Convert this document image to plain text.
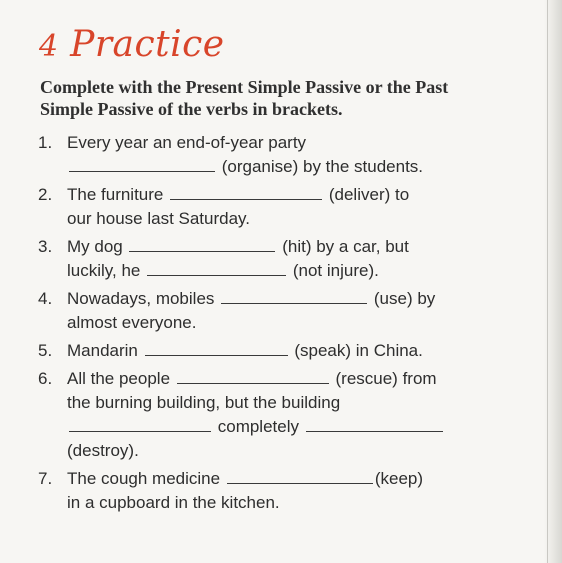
4 Practice
Complete with the Present Simple Passive or the Past Simple Passive of the verbs in brackets.
1. Every year an end-of-year party
(organise) by the students.
2. The furniture	(deliver) to
our house last Saturday.
3. My dog	(hit) by a car, but
luckily, he	(not injure).
4. Nowadays, mobiles	(use) by
almost everyone.
5. Mandarin	(speak) in China.
6. All the people	(rescue) from
the burning building, but the building
completely
(destroy).
7. The cough medicine	(keep)
in a cupboard in the kitchen.
